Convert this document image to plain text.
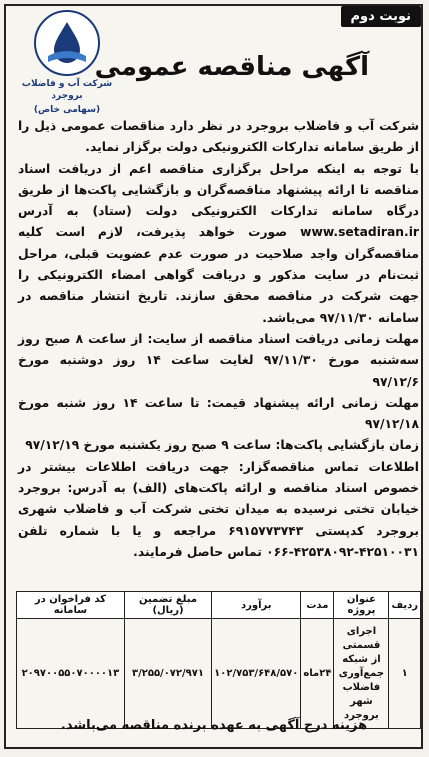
نوبت دوم
شرکت آب و فاضلاب بروجرد
(سهامی خاص)
آگهی مناقصه عمومی

شرکت آب و فاضلاب بروجرد در نظر دارد مناقصات عمومی ذیل را از طریق سامانه تدارکات الکترونیکی دولت برگزار نماید.

با توجه به اینکه مراحل برگزاری مناقصه اعم از دریافت اسناد مناقصه تا ارائه پیشنهاد مناقصه‌گران و بازگشایی پاکت‌ها از طریق درگاه سامانه تدارکات الکترونیکی دولت (ستاد) به آدرس www.setadiran.ir صورت خواهد پذیرفت، لازم است کلیه مناقصه‌گران واجد صلاحیت در صورت عدم عضویت قبلی، مراحل ثبت‌نام در سایت مذکور و دریافت گواهی امضاء الکترونیکی را جهت شرکت در مناقصه محقق سازند. تاریخ انتشار مناقصه در سامانه ۹۷/۱۱/۳۰ می‌باشد.

مهلت زمانی دریافت اسناد مناقصه از سایت: از ساعت ۸ صبح روز سه‌شنبه مورخ ۹۷/۱۱/۳۰ لغایت ساعت ۱۴ روز دوشنبه مورخ ۹۷/۱۲/۶

مهلت زمانی ارائه پیشنهاد قیمت: تا ساعت ۱۴ روز شنبه مورخ ۹۷/۱۲/۱۸

زمان بازگشایی پاکت‌ها: ساعت ۹ صبح روز یکشنبه مورخ ۹۷/۱۲/۱۹

اطلاعات تماس مناقصه‌گزار: جهت دریافت اطلاعات بیشتر در خصوص اسناد مناقصه و ارائه پاکت‌های (الف) به آدرس: بروجرد خیابان تختی نرسیده به میدان تختی شرکت آب و فاضلاب شهری بروجرد کدپستی ۶۹۱۵۷۷۳۷۴۳ مراجعه و یا با شماره تلفن ۴۲۵۱۰۰۳۱-۴۲۵۳۸۰۹۲-۰۶۶ تماس حاصل فرمایند.

ردیف	عنوان پروژه	مدت	برآورد	مبلغ تضمین (ریال)	کد فراخوان در سامانه
۱	اجرای قسمتی از شبکه جمع‌آوری فاضلاب شهر بروجرد	۲۴ماه	۱۰۲/۷۵۳/۶۴۸/۵۷۰	۳/۲۵۵/۰۷۲/۹۷۱	۲۰۹۷۰۰۵۵۰۷۰۰۰۰۱۳
هزینه درج آگهی به عهده برنده مناقصه می‌باشد.
